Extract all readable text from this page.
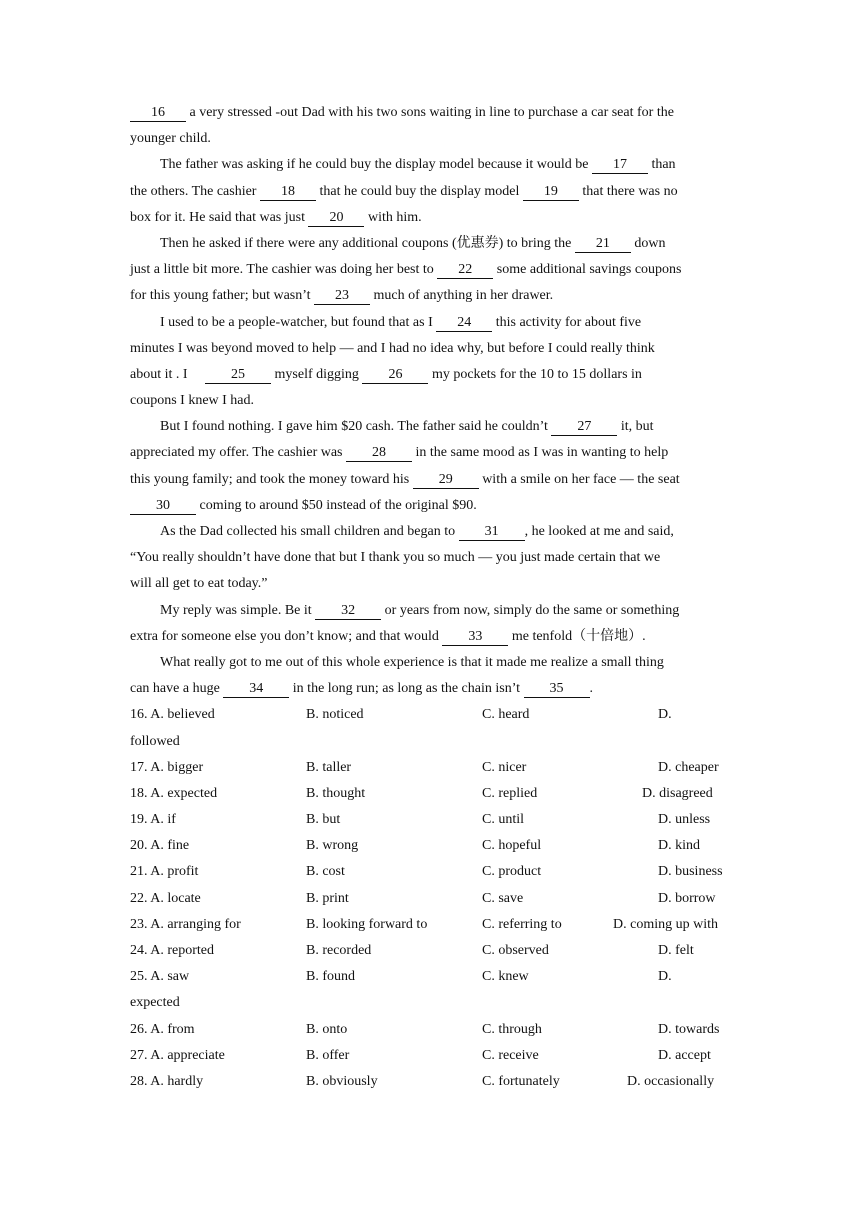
16 a very stressed -out Dad with his two sons waiting in line to purchase a car seat for the
younger child.
The father was asking if he could buy the display model because it would be 17 than
the others. The cashier 18 that he could buy the display model 19 that there was no
box for it. He said that was just 20 with him.
Then he asked if there were any additional coupons (优惠券) to bring the 21 down
just a little bit more. The cashier was doing her best to 22 some additional savings coupons
for this young father; but wasn’t 23 much of anything in her drawer.
I used to be a people-watcher, but found that as I 24 this activity for about five
minutes I was beyond moved to help — and I had no idea why, but before I could really think
about it . I     25 myself digging 26 my pockets for the 10 to 15 dollars in
coupons I knew I had.
But I found nothing. I gave him $20 cash. The father said he couldn’t 27 it, but
appreciated my offer. The cashier was 28 in the same mood as I was in wanting to help
this young family; and took the money toward his 29 with a smile on her face — the seat
30 coming to around $50 instead of the original $90.
As the Dad collected his small children and began to 31 , he looked at me and said,
“You really shouldn’t have done that but I thank you so much — you just made certain that we
will all get to eat today.”
My reply was simple. Be it 32 or years from now, simply do the same or something
extra for someone else you don’t know; and that would 33 me tenfold（十倍地）.
What really got to me out of this whole experience is that it made me realize a small thing
can have a huge 34 in the long run; as long as the chain isn’t 35 .
16. A. believed	B. noticed	C. heard	D.
followed
17. A. bigger	B. taller	C. nicer	D. cheaper
18. A. expected	B. thought	C. replied	D. disagreed
19. A. if	B. but	C. until	D. unless
20. A. fine	B. wrong	C. hopeful	D. kind
21. A. profit	B. cost	C. product	D. business
22. A. locate	B. print	C. save	D. borrow
23. A. arranging for	B. looking forward to	C. referring to	D. coming up with
24. A. reported	B. recorded	C. observed	D. felt
25. A. saw	B. found	C. knew	D.
expected
26. A. from	B. onto	C. through	D. towards
27. A. appreciate	B. offer	C. receive	D. accept
28. A. hardly	B. obviously	C. fortunately	D. occasionally
